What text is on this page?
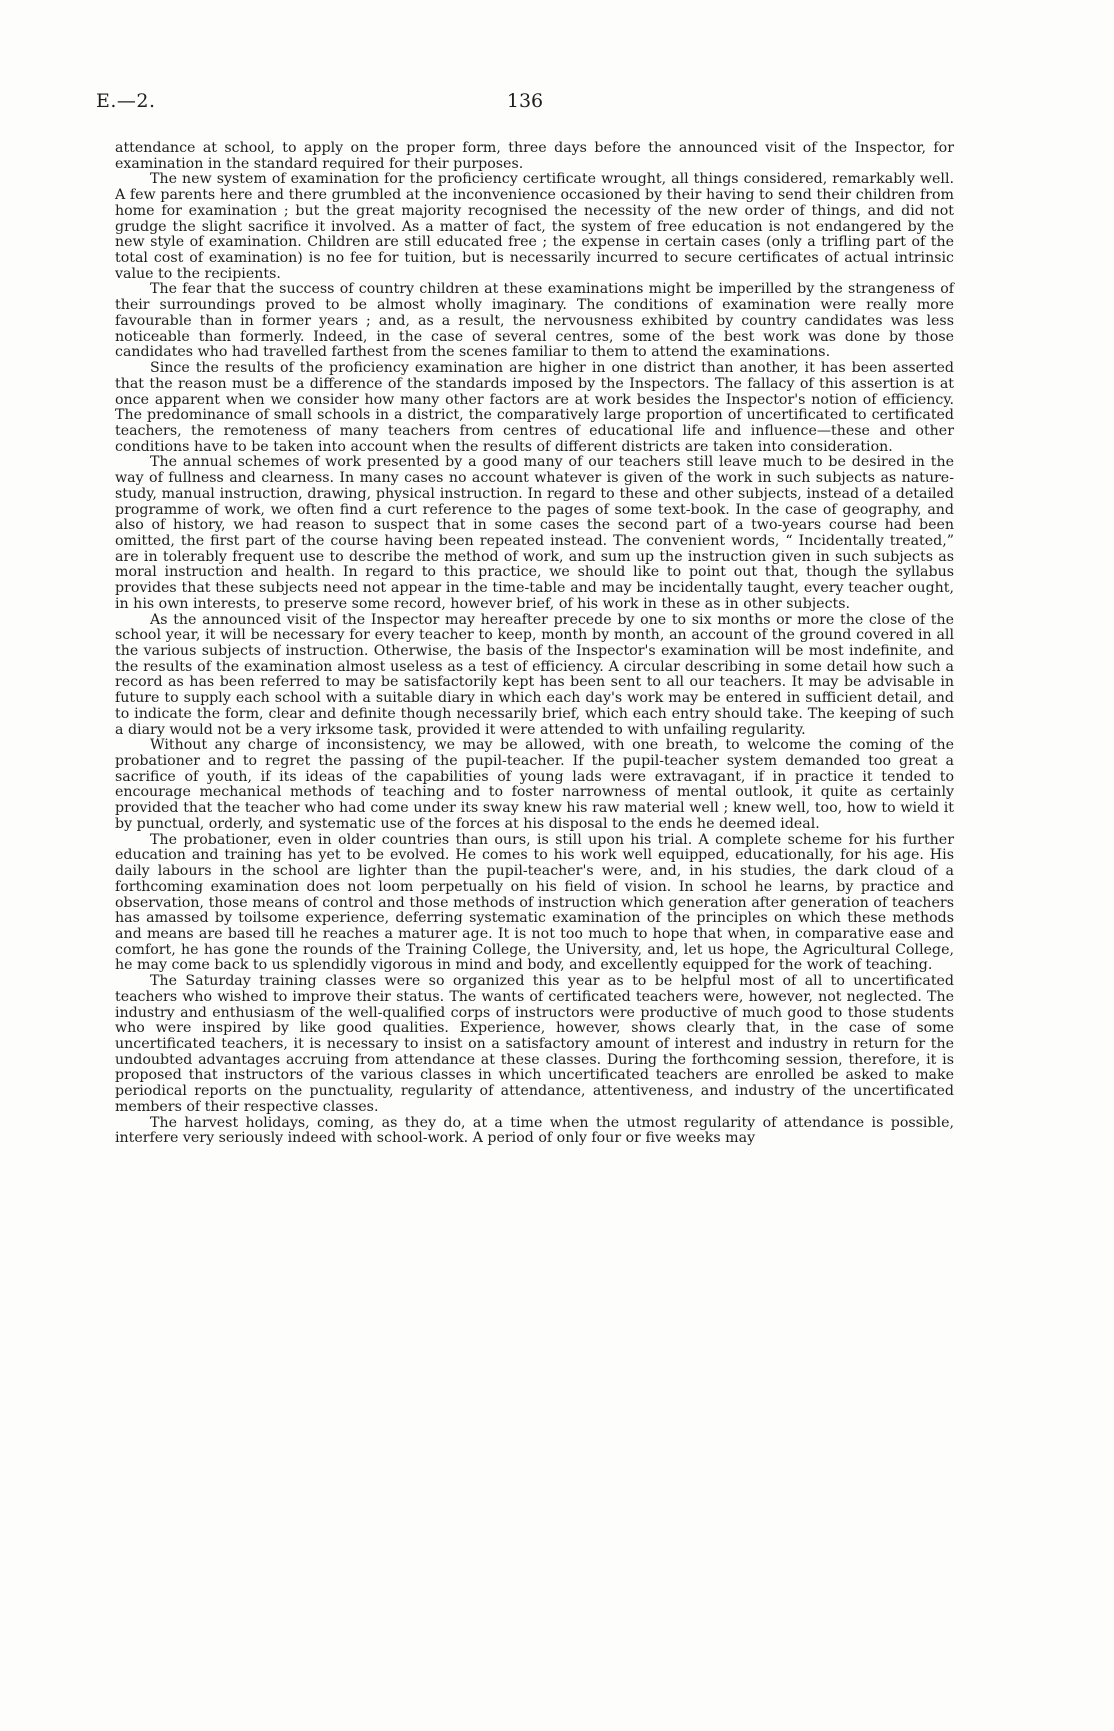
E.—2.	136

attendance at school, to apply on the proper form, three days before the announced visit of the Inspector, for examination in the standard required for their purposes.

The new system of examination for the proficiency certificate wrought, all things considered, remarkably well. A few parents here and there grumbled at the inconvenience occasioned by their having to send their children from home for examination ; but the great majority recognised the necessity of the new order of things, and did not grudge the slight sacrifice it involved. As a matter of fact, the system of free education is not endangered by the new style of examination. Children are still educated free ; the expense in certain cases (only a trifling part of the total cost of examination) is no fee for tuition, but is necessarily incurred to secure certificates of actual intrinsic value to the recipients.

The fear that the success of country children at these examinations might be imperilled by the strangeness of their surroundings proved to be almost wholly imaginary. The conditions of examination were really more favourable than in former years ; and, as a result, the nervousness exhibited by country candidates was less noticeable than formerly. Indeed, in the case of several centres, some of the best work was done by those candidates who had travelled farthest from the scenes familiar to them to attend the examinations.

Since the results of the proficiency examination are higher in one district than another, it has been asserted that the reason must be a difference of the standards imposed by the Inspectors. The fallacy of this assertion is at once apparent when we consider how many other factors are at work besides the Inspector's notion of efficiency. The predominance of small schools in a district, the comparatively large proportion of uncertificated to certificated teachers, the remoteness of many teachers from centres of educational life and influence—these and other conditions have to be taken into account when the results of different districts are taken into consideration.

The annual schemes of work presented by a good many of our teachers still leave much to be desired in the way of fullness and clearness. In many cases no account whatever is given of the work in such subjects as nature-study, manual instruction, drawing, physical instruction. In regard to these and other subjects, instead of a detailed programme of work, we often find a curt reference to the pages of some text-book. In the case of geography, and also of history, we had reason to suspect that in some cases the second part of a two-years course had been omitted, the first part of the course having been repeated instead. The convenient words, “ Incidentally treated,” are in tolerably frequent use to describe the method of work, and sum up the instruction given in such subjects as moral instruction and health. In regard to this practice, we should like to point out that, though the syllabus provides that these subjects need not appear in the time-table and may be incidentally taught, every teacher ought, in his own interests, to preserve some record, however brief, of his work in these as in other subjects.

As the announced visit of the Inspector may hereafter precede by one to six months or more the close of the school year, it will be necessary for every teacher to keep, month by month, an account of the ground covered in all the various subjects of instruction. Otherwise, the basis of the Inspector's examination will be most indefinite, and the results of the examination almost useless as a test of efficiency. A circular describing in some detail how such a record as has been referred to may be satisfactorily kept has been sent to all our teachers. It may be advisable in future to supply each school with a suitable diary in which each day's work may be entered in sufficient detail, and to indicate the form, clear and definite though necessarily brief, which each entry should take. The keeping of such a diary would not be a very irksome task, provided it were attended to with unfailing regularity.

Without any charge of inconsistency, we may be allowed, with one breath, to welcome the coming of the probationer and to regret the passing of the pupil-teacher. If the pupil-teacher system demanded too great a sacrifice of youth, if its ideas of the capabilities of young lads were extravagant, if in practice it tended to encourage mechanical methods of teaching and to foster narrowness of mental outlook, it quite as certainly provided that the teacher who had come under its sway knew his raw material well ; knew well, too, how to wield it by punctual, orderly, and systematic use of the forces at his disposal to the ends he deemed ideal.

The probationer, even in older countries than ours, is still upon his trial. A complete scheme for his further education and training has yet to be evolved. He comes to his work well equipped, educationally, for his age. His daily labours in the school are lighter than the pupil-teacher's were, and, in his studies, the dark cloud of a forthcoming examination does not loom perpetually on his field of vision. In school he learns, by practice and observation, those means of control and those methods of instruction which generation after generation of teachers has amassed by toilsome experience, deferring systematic examination of the principles on which these methods and means are based till he reaches a maturer age. It is not too much to hope that when, in comparative ease and comfort, he has gone the rounds of the Training College, the University, and, let us hope, the Agricultural College, he may come back to us splendidly vigorous in mind and body, and excellently equipped for the work of teaching.

The Saturday training classes were so organized this year as to be helpful most of all to uncertificated teachers who wished to improve their status. The wants of certificated teachers were, however, not neglected. The industry and enthusiasm of the well-qualified corps of instructors were productive of much good to those students who were inspired by like good qualities. Experience, however, shows clearly that, in the case of some uncertificated teachers, it is necessary to insist on a satisfactory amount of interest and industry in return for the undoubted advantages accruing from attendance at these classes. During the forthcoming session, therefore, it is proposed that instructors of the various classes in which uncertificated teachers are enrolled be asked to make periodical reports on the punctuality, regularity of attendance, attentiveness, and industry of the uncertificated members of their respective classes.

The harvest holidays, coming, as they do, at a time when the utmost regularity of attendance is possible, interfere very seriously indeed with school-work. A period of only four or five weeks may
